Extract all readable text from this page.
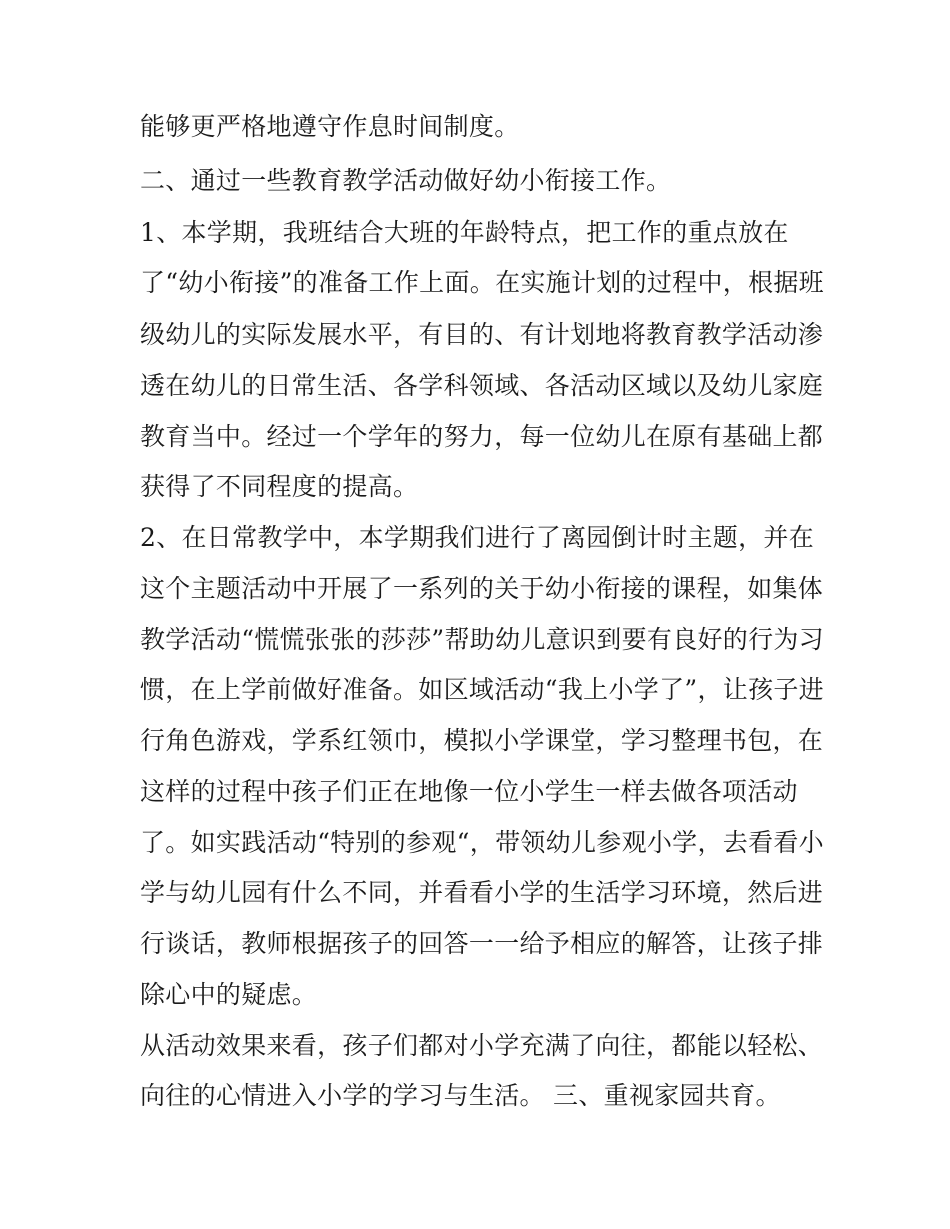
能够更严格地遵守作息时间制度。
二、通过一些教育教学活动做好幼小衔接工作。
1、本学期，我班结合大班的年龄特点，把工作的重点放在
了“幼小衔接”的准备工作上面。在实施计划的过程中，根据班
级幼儿的实际发展水平，有目的、有计划地将教育教学活动渗
透在幼儿的日常生活、各学科领域、各活动区域以及幼儿家庭
教育当中。经过一个学年的努力，每一位幼儿在原有基础上都
获得了不同程度的提高。
2、在日常教学中，本学期我们进行了离园倒计时主题，并在
这个主题活动中开展了一系列的关于幼小衔接的课程，如集体
教学活动“慌慌张张的莎莎”帮助幼儿意识到要有良好的行为习
惯，在上学前做好准备。如区域活动“我上小学了”，让孩子进
行角色游戏，学系红领巾，模拟小学课堂，学习整理书包，在
这样的过程中孩子们正在地像一位小学生一样去做各项活动
了。如实践活动“特别的参观“，带领幼儿参观小学，去看看小
学与幼儿园有什么不同，并看看小学的生活学习环境，然后进
行谈话，教师根据孩子的回答一一给予相应的解答，让孩子排
除心中的疑虑。
从活动效果来看，孩子们都对小学充满了向往，都能以轻松、
向往的心情进入小学的学习与生活。 三、重视家园共育。
